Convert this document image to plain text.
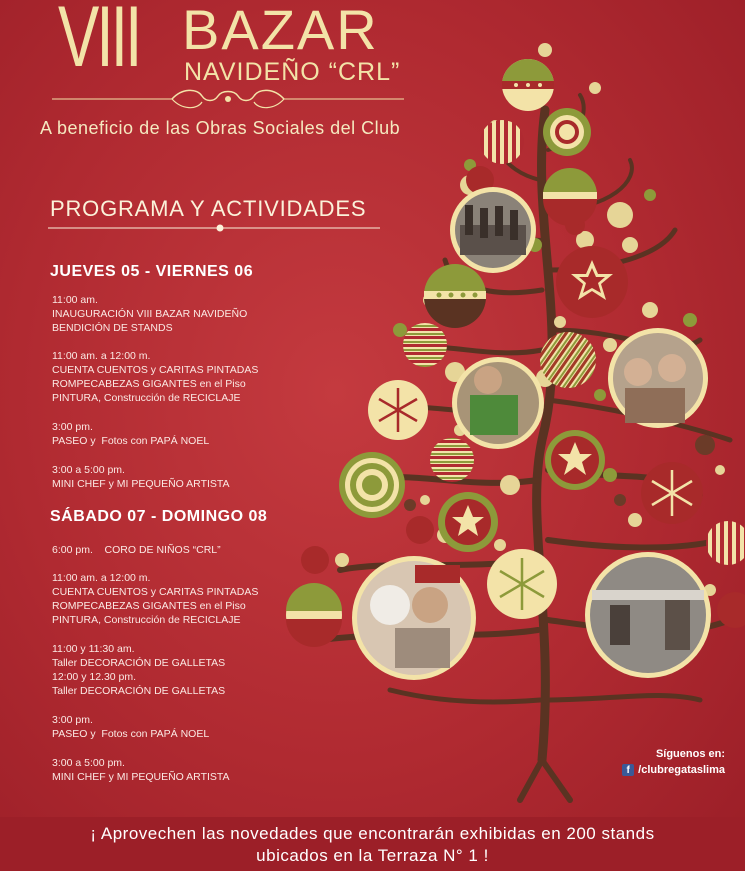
VIII BAZAR
NAVIDEÑO “CRL”
A beneficio de las Obras Sociales del Club
PROGRAMA Y ACTIVIDADES
JUEVES 05 - VIERNES 06
11:00 am.
INAUGURACIÓN VIII BAZAR NAVIDEÑO
BENDICIÓN DE STANDS
11:00 am. a 12:00 m.
CUENTA CUENTOS y CARITAS PINTADAS
ROMPECABEZAS GIGANTES en el Piso
PINTURA, Construcción de RECICLAJE
3:00 pm.
PASEO y  Fotos con PAPÁ NOEL
3:00 a 5:00 pm.
MINI CHEF y MI PEQUEÑO ARTISTA
SÁBADO 07 - DOMINGO 08
6:00 pm.    CORO DE NIÑOS “CRL”
11:00 am. a 12:00 m.
CUENTA CUENTOS y CARITAS PINTADAS
ROMPECABEZAS GIGANTES en el Piso
PINTURA, Construcción de RECICLAJE
11:00 y 11:30 am.
Taller DECORACIÓN DE GALLETAS
12:00 y 12.30 pm.
Taller DECORACIÓN DE GALLETAS
3:00 pm.
PASEO y  Fotos con PAPÁ NOEL
3:00 a 5:00 pm.
MINI CHEF y MI PEQUEÑO ARTISTA
Síguenos en:
f /clubregataslima
¡ Aprovechen las novedades que encontrarán exhibidas en 200 stands
ubicados en la Terraza N° 1 !
